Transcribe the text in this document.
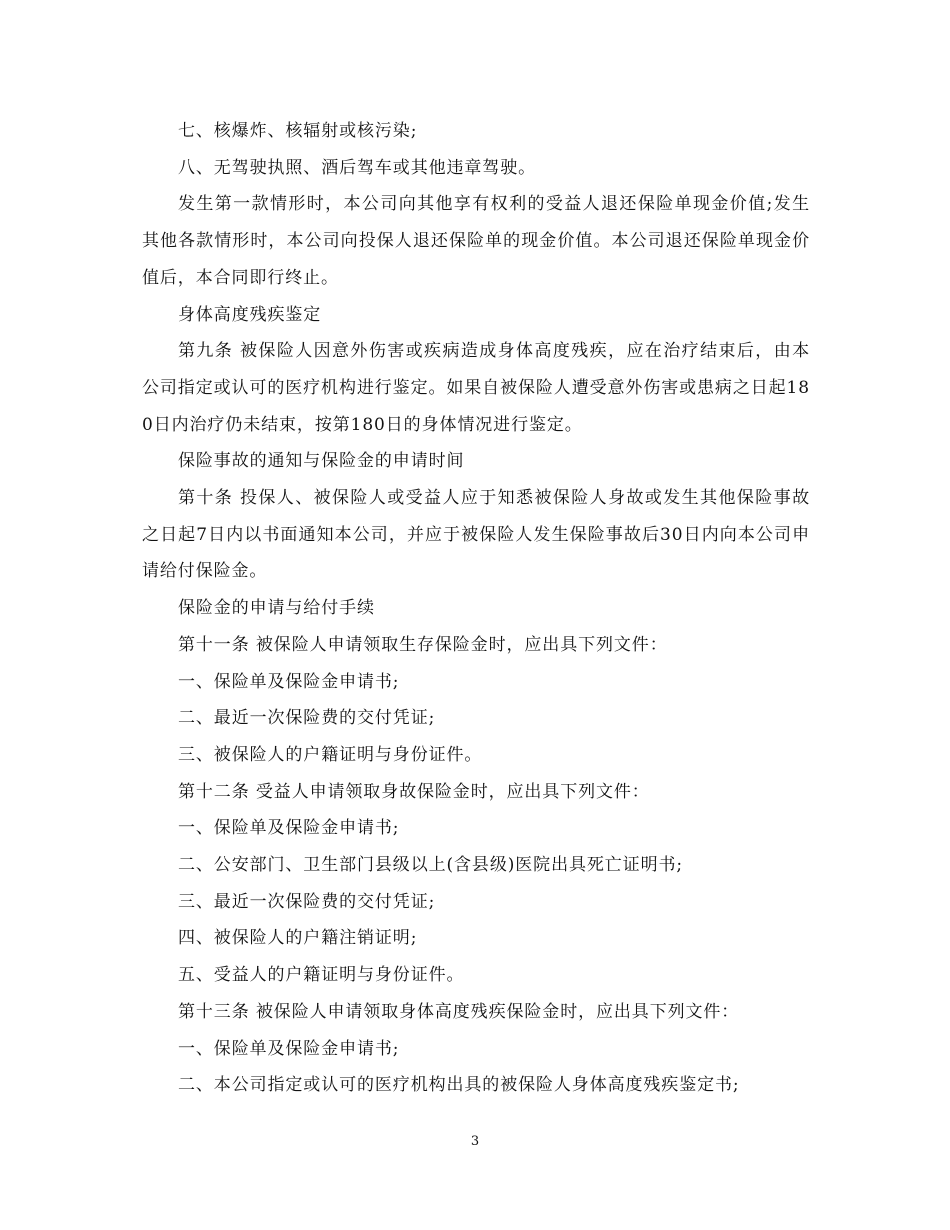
七、核爆炸、核辐射或核污染;

八、无驾驶执照、酒后驾车或其他违章驾驶。

发生第一款情形时，本公司向其他享有权利的受益人退还保险单现金价值;发生其他各款情形时，本公司向投保人退还保险单的现金价值。本公司退还保险单现金价值后，本合同即行终止。

身体高度残疾鉴定

第九条 被保险人因意外伤害或疾病造成身体高度残疾，应在治疗结束后，由本公司指定或认可的医疗机构进行鉴定。如果自被保险人遭受意外伤害或患病之日起180日内治疗仍未结束，按第180日的身体情况进行鉴定。

保险事故的通知与保险金的申请时间

第十条 投保人、被保险人或受益人应于知悉被保险人身故或发生其他保险事故之日起7日内以书面通知本公司，并应于被保险人发生保险事故后30日内向本公司申请给付保险金。

保险金的申请与给付手续

第十一条 被保险人申请领取生存保险金时，应出具下列文件：

一、保险单及保险金申请书;

二、最近一次保险费的交付凭证;

三、被保险人的户籍证明与身份证件。

第十二条 受益人申请领取身故保险金时，应出具下列文件：

一、保险单及保险金申请书;

二、公安部门、卫生部门县级以上(含县级)医院出具死亡证明书;

三、最近一次保险费的交付凭证;

四、被保险人的户籍注销证明;

五、受益人的户籍证明与身份证件。

第十三条 被保险人申请领取身体高度残疾保险金时，应出具下列文件：

一、保险单及保险金申请书;

二、本公司指定或认可的医疗机构出具的被保险人身体高度残疾鉴定书;

3
